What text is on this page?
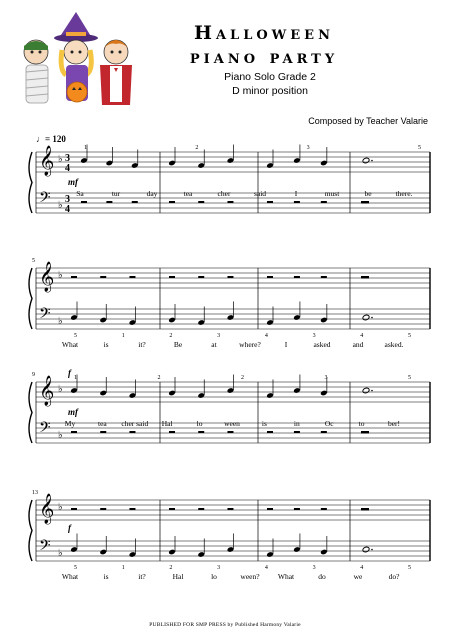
Halloween
piano party
Piano Solo Grade 2
D minor position
Composed by Teacher Valarie
♩= 120
𝄞
𝄢
♭
♭
3
4
3
4
1	2	3	5
mf
Sa	tur	day	tea	cher	said	I	must	be	there.
𝄞
𝄢
♭
♭
5
5	1	2	3	4	3	4	5
What	is	it?	Be	at	where?	I	asked	and	asked.
𝄞
𝄢
♭
♭
9	1	2	2	3	5
mf
f
My	tea cher said Hal	lo	ween	is	in	Oc	to	ber!
𝄞
𝄢
♭
♭
13
5	1	2	3	4	3	4	5
f
What	is	it?	Hal	lo	ween? What	do	we	do?
PUBLISHED FOR SMP PRESS by Published Harmony Valarie
